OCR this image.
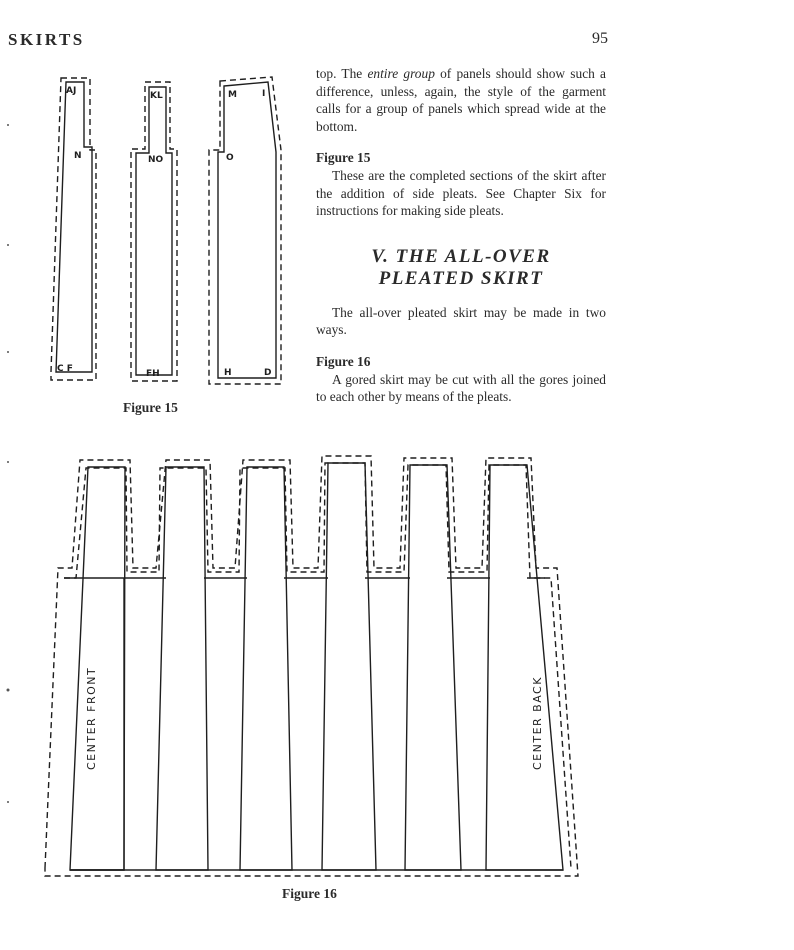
SKIRTS	95

top. The entire group of panels should show such a difference, unless, again, the style of the garment calls for a group of panels which spread wide at the bottom.

Figure 15

These are the completed sections of the skirt after the addition of side pleats. See Chapter Six for instructions for making side pleats.

V. THE ALL-OVER
PLEATED SKIRT

The all-over pleated skirt may be made in two ways.

Figure 16

A gored skirt may be cut with all the gores joined to each other by means of the pleats.

AJ
N
C F
KL
NO
FH
M	I
O
H	D
Figure 15
CENTER FRONT	CENTER BACK
Figure 16
